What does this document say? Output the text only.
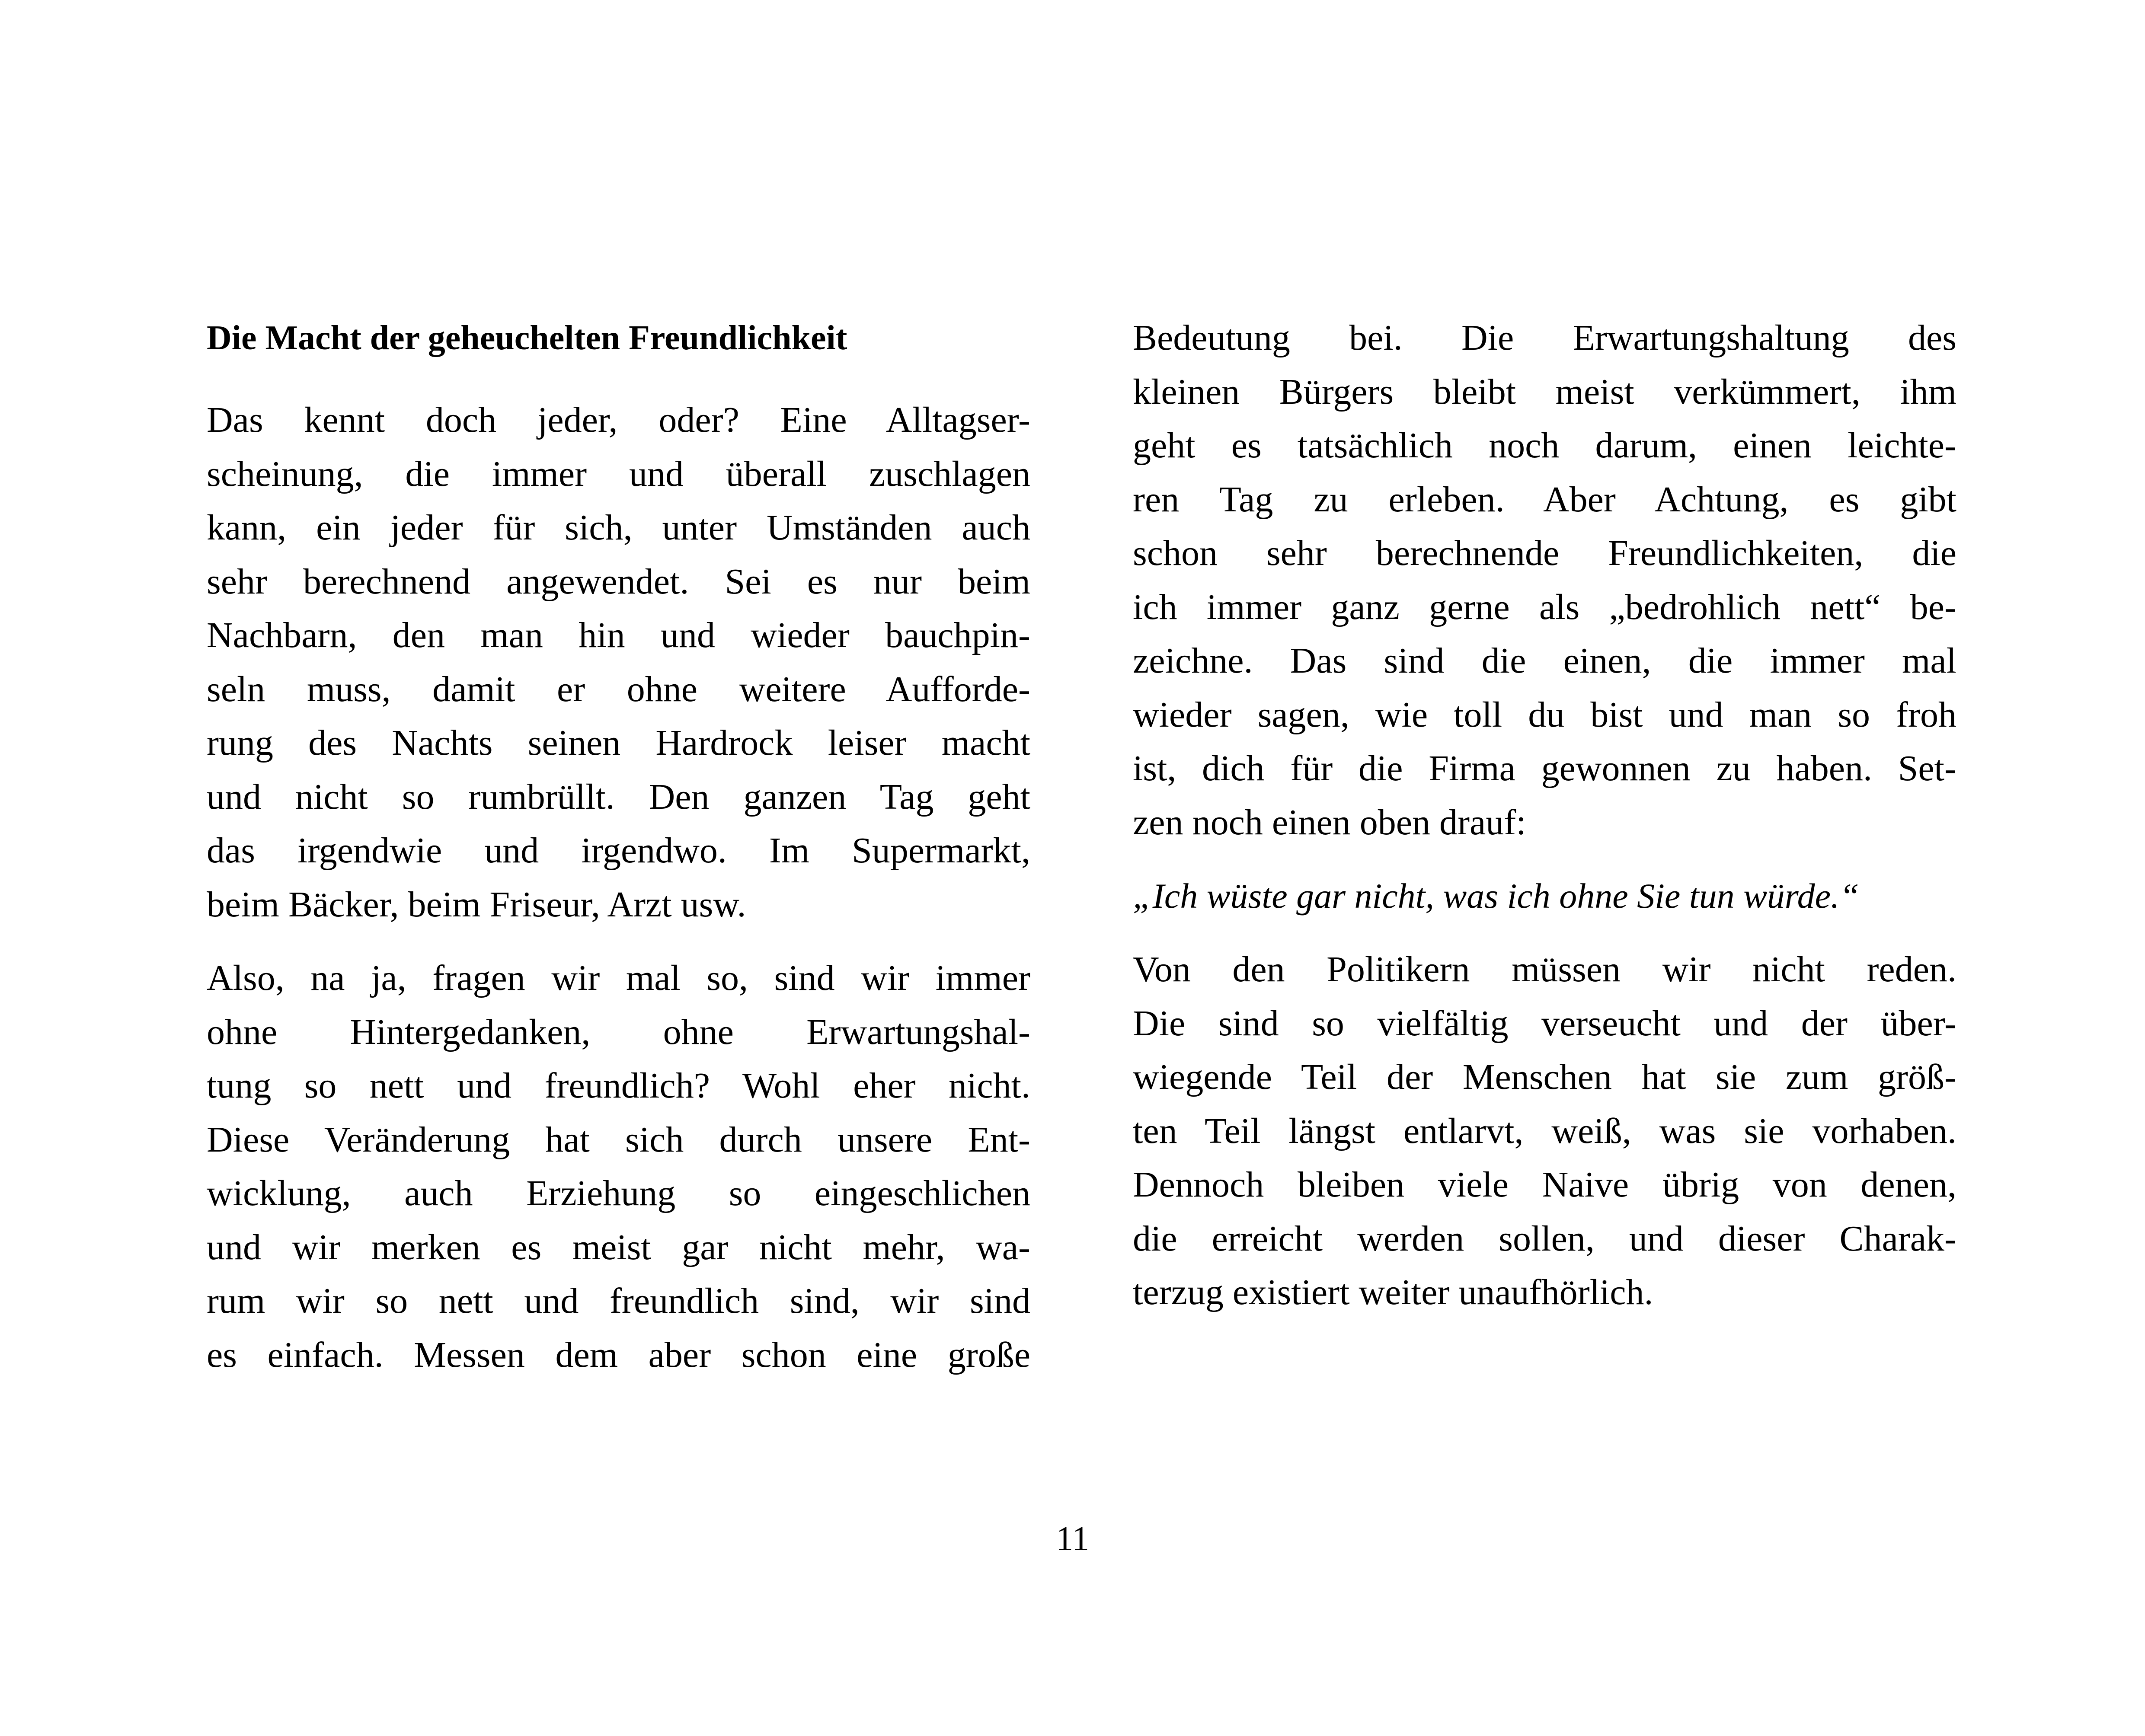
Die Macht der geheuchelten Freundlichkeit
Das kennt doch jeder, oder? Eine Alltagser-
scheinung, die immer und überall zuschlagen
kann, ein jeder für sich, unter Umständen auch
sehr berechnend angewendet. Sei es nur beim
Nachbarn, den man hin und wieder bauchpin-
seln muss, damit er ohne weitere Aufforde-
rung des Nachts seinen Hardrock leiser macht
und nicht so rumbrüllt. Den ganzen Tag geht
das irgendwie und irgendwo. Im Supermarkt,
beim Bäcker, beim Friseur, Arzt usw.
Also, na ja, fragen wir mal so, sind wir immer
ohne Hintergedanken, ohne Erwartungshal-
tung so nett und freundlich? Wohl eher nicht.
Diese Veränderung hat sich durch unsere Ent-
wicklung, auch Erziehung so eingeschlichen
und wir merken es meist gar nicht mehr, wa-
rum wir so nett und freundlich sind, wir sind
es einfach. Messen dem aber schon eine große
Bedeutung bei. Die Erwartungshaltung des
kleinen Bürgers bleibt meist verkümmert, ihm
geht es tatsächlich noch darum, einen leichte-
ren Tag zu erleben. Aber Achtung, es gibt
schon sehr berechnende Freundlichkeiten, die
ich immer ganz gerne als „bedrohlich nett“ be-
zeichne. Das sind die einen, die immer mal
wieder sagen, wie toll du bist und man so froh
ist, dich für die Firma gewonnen zu haben. Set-
zen noch einen oben drauf:
„Ich wüste gar nicht, was ich ohne Sie tun würde.“
Von den Politikern müssen wir nicht reden.
Die sind so vielfältig verseucht und der über-
wiegende Teil der Menschen hat sie zum größ-
ten Teil längst entlarvt, weiß, was sie vorhaben.
Dennoch bleiben viele Naive übrig von denen,
die erreicht werden sollen, und dieser Charak-
terzug existiert weiter unaufhörlich.
11
